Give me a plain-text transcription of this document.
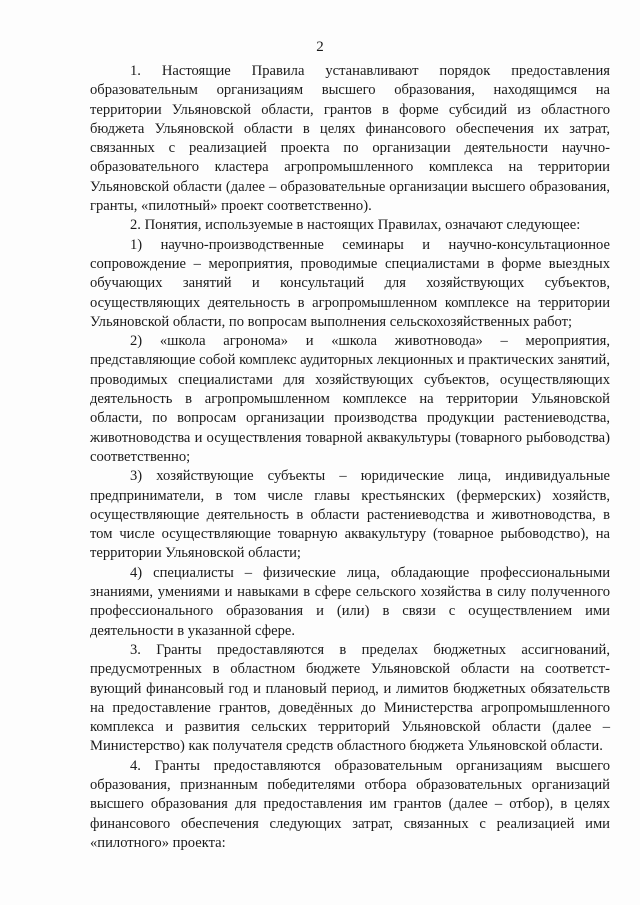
2

1. Настоящие Правила устанавливают порядок предоставления образовательным организациям высшего образования, находящимся на территории Ульяновской области, грантов в форме субсидий из областного бюджета Ульяновской области в целях финансового обеспечения их затрат, связанных с реализацией проекта по организации деятельности научно-образовательного кластера агропромышленного комплекса на территории Ульяновской области (далее – образовательные организации высшего образования, гранты, «пилотный» проект соответственно).

2. Понятия, используемые в настоящих Правилах, означают следующее:

1) научно-производственные семинары и научно-консультационное сопровождение – мероприятия, проводимые специалистами в форме выездных обучающих занятий и консультаций для хозяйствующих субъектов, осуществляющих деятельность в агропромышленном комплексе на территории Ульяновской области, по вопросам выполнения сельскохозяйственных работ;

2) «школа агронома» и «школа животновода» – мероприятия, представляющие собой комплекс аудиторных лекционных и практических занятий, проводимых специалистами для хозяйствующих субъектов, осуществляющих деятельность в агропромышленном комплексе на территории Ульяновской области, по вопросам организации производства продукции растениеводства, животноводства и осуществления товарной аквакультуры (товарного рыбоводства) соответственно;

3) хозяйствующие субъекты – юридические лица, индивидуальные предприниматели, в том числе главы крестьянских (фермерских) хозяйств, осуществляющие деятельность в области растениеводства и животноводства, в том числе осуществляющие товарную аквакультуру (товарное рыбоводство), на территории Ульяновской области;

4) специалисты – физические лица, обладающие профессиональными знаниями, умениями и навыками в сфере сельского хозяйства в силу полученного профессионального образования и (или) в связи с осуществлением ими деятельности в указанной сфере.

3. Гранты предоставляются в пределах бюджетных ассигнований, предусмотренных в областном бюджете Ульяновской области на соответст-вующий финансовый год и плановый период, и лимитов бюджетных обязательств на предоставление грантов, доведённых до Министерства агропромышленного комплекса и развития сельских территорий Ульяновской области (далее – Министерство) как получателя средств областного бюджета Ульяновской области.

4. Гранты предоставляются образовательным организациям высшего образования, признанным победителями отбора образовательных организаций высшего образования для предоставления им грантов (далее – отбор), в целях финансового обеспечения следующих затрат, связанных с реализацией ими «пилотного» проекта:
